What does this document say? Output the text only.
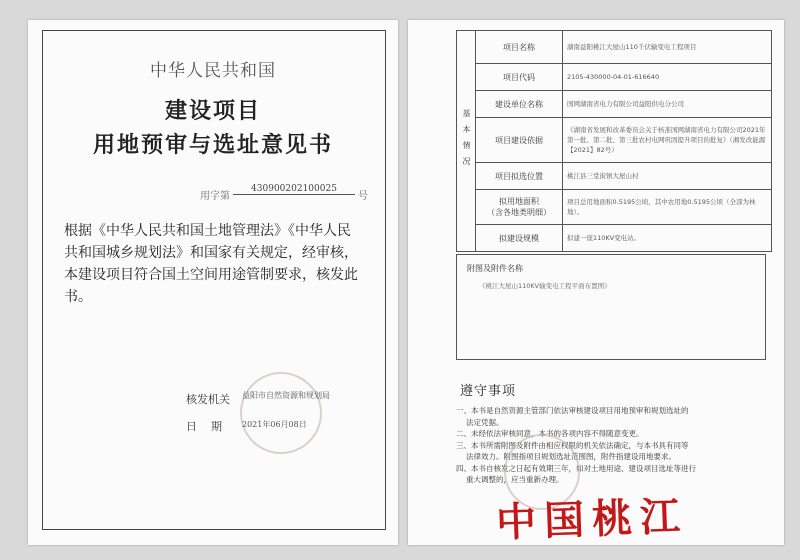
中华人民共和国
建设项目
用地预审与选址意见书
用字第
430900202100025
号
根据《中华人民共和国土地管理法》《中华人民共和国城乡规划法》和国家有关规定，经审核，本建设项目符合国土空间用途管制要求，核发此书。
核发机关 益阳市自然资源和规划局
日期 2021年06月08日
基本情况	项目名称	湖南益阳桃江大屋山110千伏输变电工程项目
	项目代码	2105-430000-04-01-616640
	建设单位名称	国网湖南省电力有限公司益阳供电分公司
	项目建设依据	《湖南省发展和改革委员会关于核准国网湖南省电力有限公司2021年第一批、第二批、第三批农村电网巩固提升项目的批复》（湘发改能源【2021】82号）
	项目拟选位置	桃江县三堂街镇大屋山村
	拟用地面积
（含各地类明细）	项目总用地面积0.5195公顷，其中农用地0.5195公顷（全部为林地）。
	拟建设规模	拟建一座110KV变电站。
附图及附件名称
《桃江大屋山110KV输变电工程平面布置图》
遵守事项
一、本书是自然资源主管部门依法审核建设项目用地预审和规划选址的
法定凭据。
二、未经依法审核同意，本书的各项内容不得随意变更。
三、本书所需附图及附件由相应权限的机关依法确定，与本书具有同等
法律效力。附图指项目规划选址范围图，附件指建设用地要求。
四、本书自核发之日起有效期三年，如对土地用途、建设项目选址等进行
重大调整的，应当重新办理。
中国桃江
